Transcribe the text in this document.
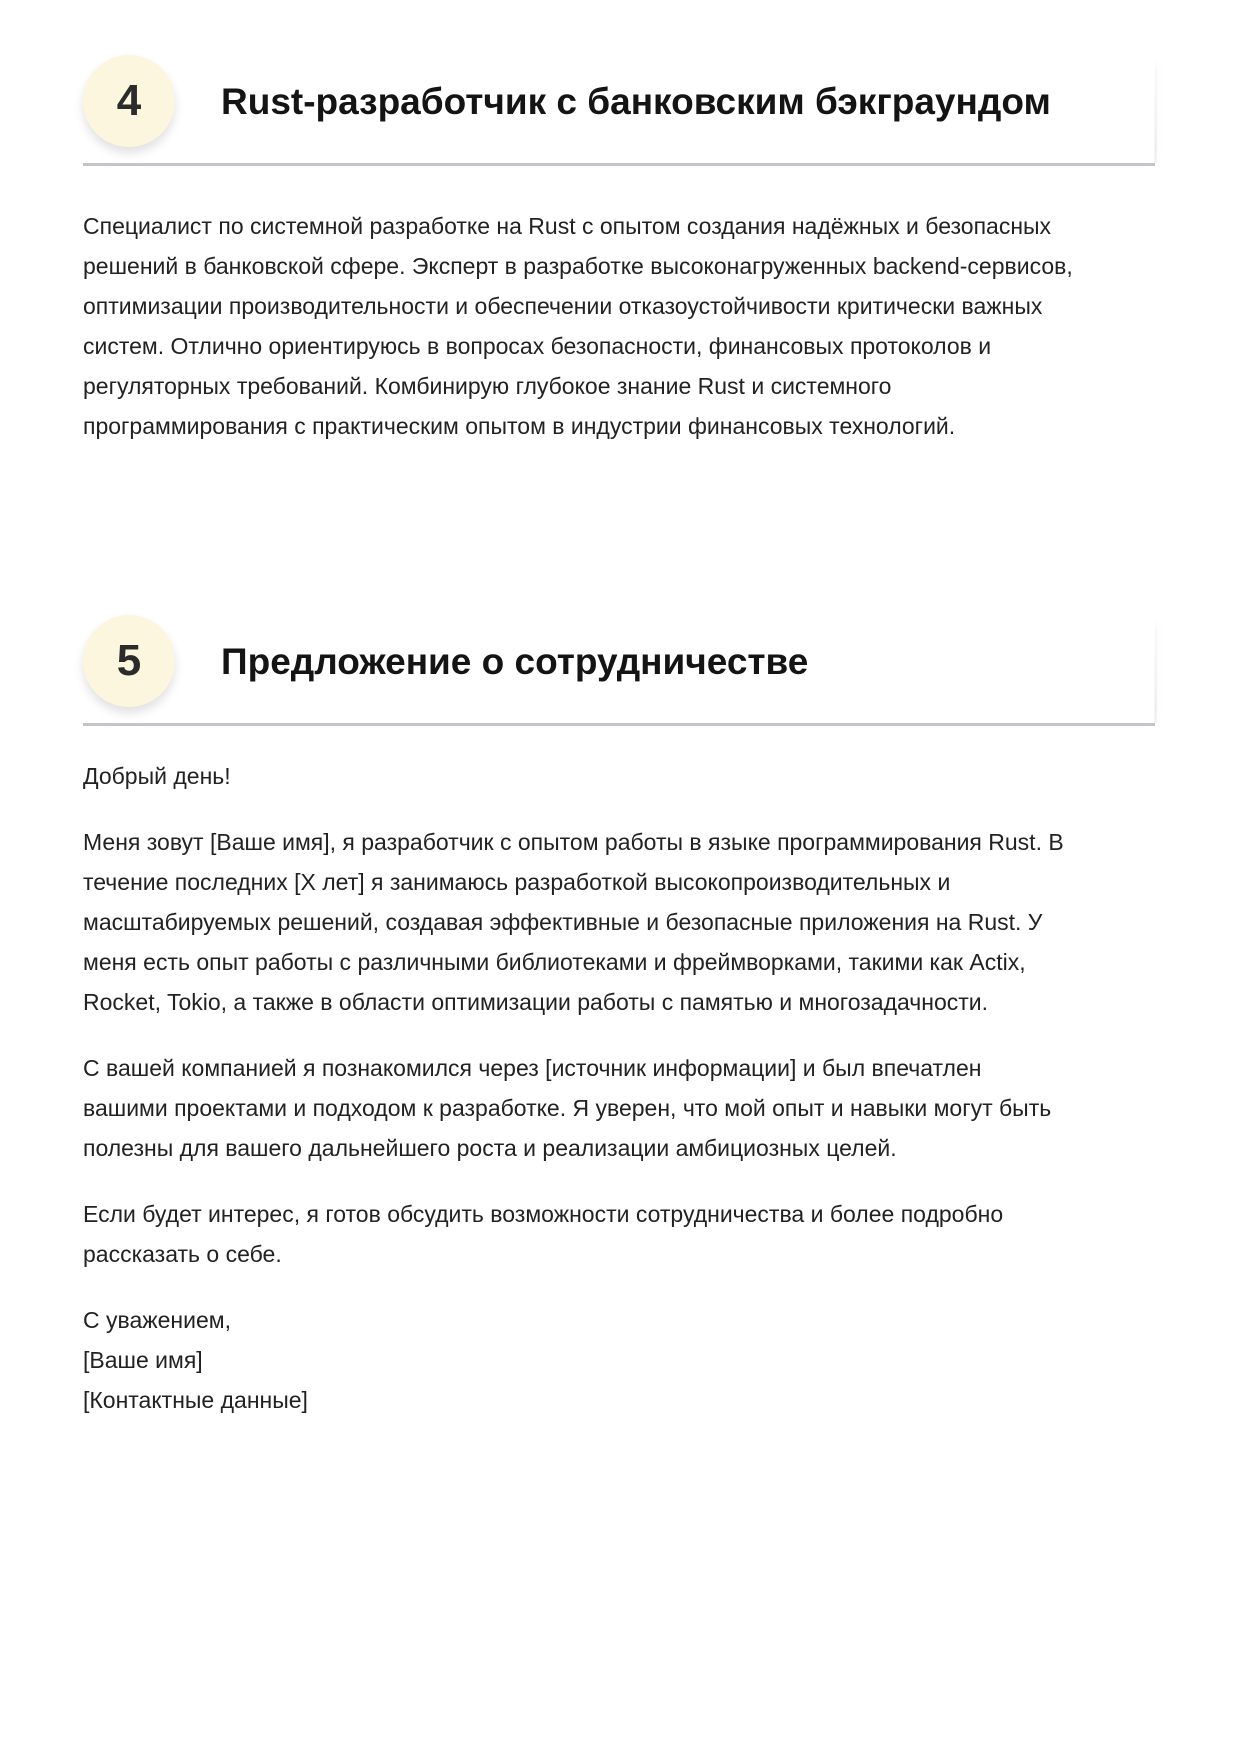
4	Rust-разработчик с банковским бэкграундом

Специалист по системной разработке на Rust с опытом создания надёжных и безопасных
решений в банковской сфере. Эксперт в разработке высоконагруженных backend-сервисов,
оптимизации производительности и обеспечении отказоустойчивости критически важных
систем. Отлично ориентируюсь в вопросах безопасности, финансовых протоколов и
регуляторных требований. Комбинирую глубокое знание Rust и системного
программирования с практическим опытом в индустрии финансовых технологий.

5	Предложение о сотрудничестве

Добрый день!

Меня зовут [Ваше имя], я разработчик с опытом работы в языке программирования Rust. В
течение последних [X лет] я занимаюсь разработкой высокопроизводительных и
масштабируемых решений, создавая эффективные и безопасные приложения на Rust. У
меня есть опыт работы с различными библиотеками и фреймворками, такими как Actix,
Rocket, Tokio, а также в области оптимизации работы с памятью и многозадачности.

С вашей компанией я познакомился через [источник информации] и был впечатлен
вашими проектами и подходом к разработке. Я уверен, что мой опыт и навыки могут быть
полезны для вашего дальнейшего роста и реализации амбициозных целей.

Если будет интерес, я готов обсудить возможности сотрудничества и более подробно
рассказать о себе.

С уважением,
[Ваше имя]
[Контактные данные]
